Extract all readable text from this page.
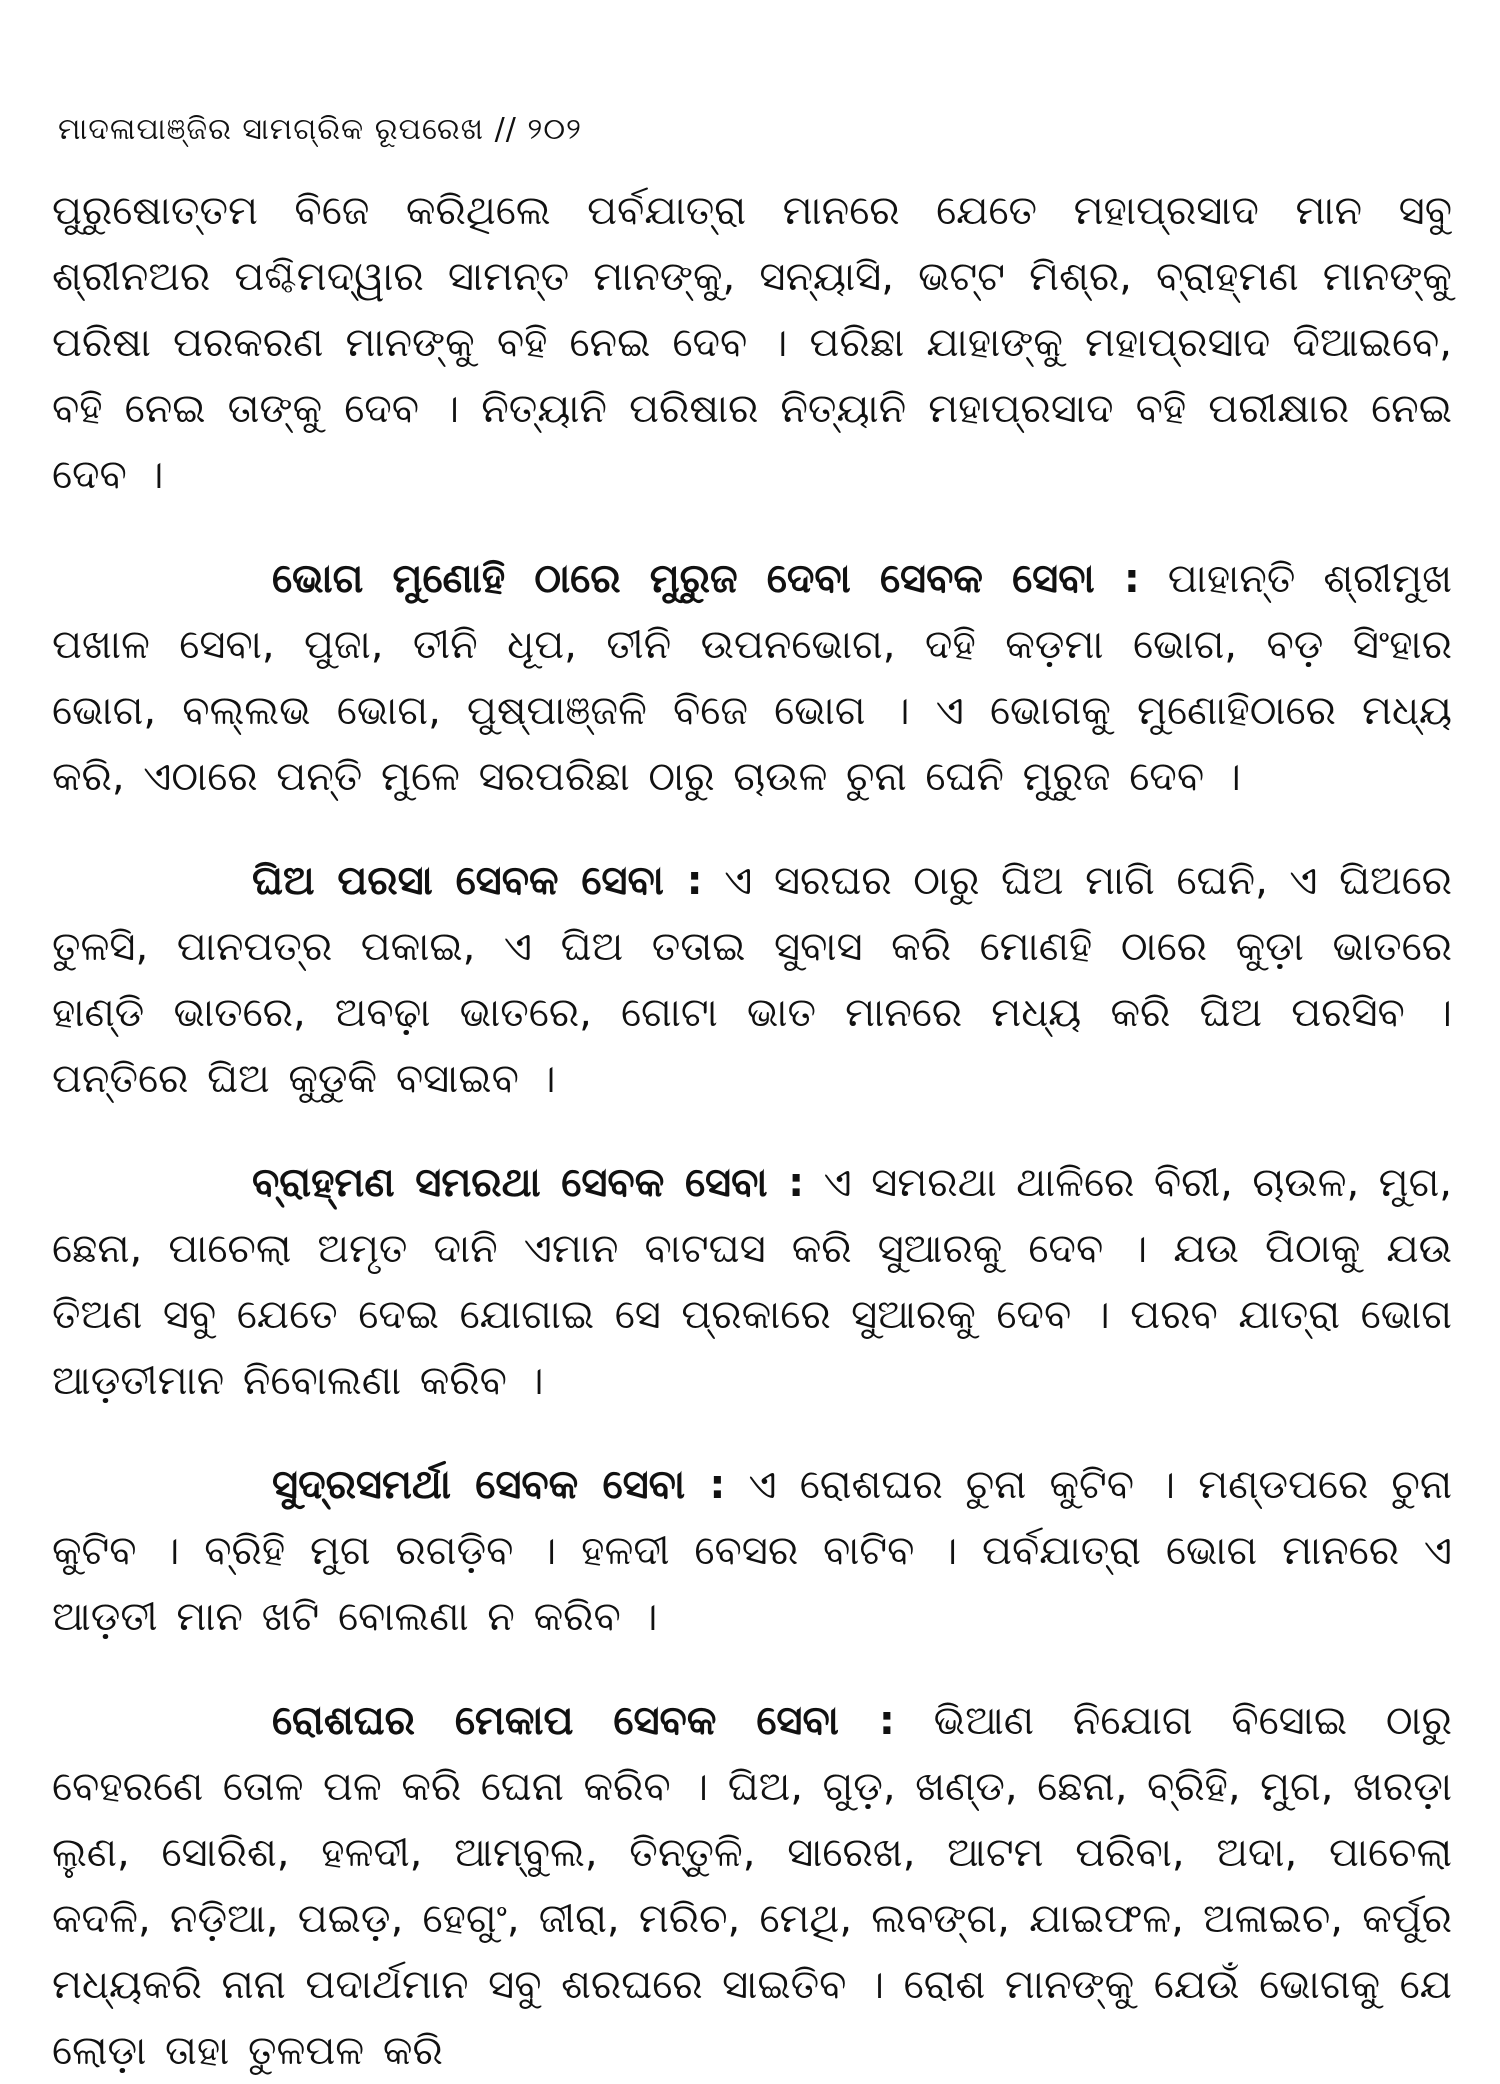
ମାଦଳାପାଞ୍ଜିର ସାମଗ୍ରିକ ରୂପରେଖ // ୨୦୨

ପୁରୁଷୋତ୍ତମ ବିଜେ କରିଥିଲେ ପର୍ବଯାତ୍ରା ମାନରେ ଯେତେ ମହାପ୍ରସାଦ ମାନ ସବୁ ଶ୍ରୀନଅର ପଶ୍ଚିମଦ୍ୱାର ସାମନ୍ତ ମାନଙ୍କୁ, ସନ୍ୟାସି, ଭଟ୍ଟ ମିଶ୍ର, ବ୍ରାହ୍ମଣ ମାନଙ୍କୁ ପରିଷା ପରକରଣ ମାନଙ୍କୁ ବହି ନେଇ ଦେବ । ପରିଛା ଯାହାଙ୍କୁ ମହାପ୍ରସାଦ ଦିଆଇବେ, ବହି ନେଇ ତାଙ୍କୁ ଦେବ । ନିତ୍ୟାନି ପରିଷାର ନିତ୍ୟାନି ମହାପ୍ରସାଦ ବହି ପରୀକ୍ଷାର ନେଇ ଦେବ ।

ଭୋଗ ମୁଣୋହି ଠାରେ ମୁରୁଜ ଦେବା ସେବକ ସେବା : ପାହାନ୍ତି ଶ୍ରୀମୁଖ ପଖାଳ ସେବା, ପୁଜା, ତୀନି ଧୂପ, ତୀନି ଉପନଭୋଗ, ଦହି କଡ଼ମା ଭୋଗ, ବଡ଼ ସିଂହାର ଭୋଗ, ବଲ୍ଲଭ ଭୋଗ, ପୁଷ୍ପାଞ୍ଜଳି ବିଜେ ଭୋଗ । ଏ ଭୋଗକୁ ମୁଣୋହିଠାରେ ମଧ୍ୟ କରି, ଏଠାରେ ପନ୍ତି ମୁଳେ ସରପରିଛା ଠାରୁ ଚାଉଳ ଚୁନା ଘେନି ମୁରୁଜ ଦେବ ।

ଘିଅ ପରସା ସେବକ ସେବା : ଏ ସରଘର ଠାରୁ ଘିଅ ମାଗି ଘେନି, ଏ ଘିଅରେ ତୁଳସି, ପାନପତ୍ର ପକାଇ, ଏ ଘିଅ ତତାଇ ସୁବାସ କରି ମୋଣହି ଠାରେ କୁଡ଼ା ଭାତରେ ହାଣ୍ଡି ଭାତରେ, ଅବଢ଼ା ଭାତରେ, ଗୋଟା ଭାତ ମାନରେ ମଧ୍ୟ କରି ଘିଅ ପରସିବ । ପନ୍ତିରେ ଘିଅ କୁଡୁକି ବସାଇବ ।

ବ୍ରାହ୍ମଣ ସମରଥା ସେବକ ସେବା : ଏ ସମରଥା ଥାଳିରେ ବିରୀ, ଚାଉଳ, ମୁଗ, ଛେନା, ପାଚେଲା ଅମୃତ ଦାନି ଏମାନ ବାଟଘସ କରି ସୁଆରକୁ ଦେବ । ଯଉ ପିଠାକୁ ଯଉ ତିଅଣ ସବୁ ଯେତେ ଦେଇ ଯୋଗାଇ ସେ ପ୍ରକାରେ ସୁଆରକୁ ଦେବ । ପରବ ଯାତ୍ରା ଭୋଗ ଆଡ଼ତୀମାନ ନିବୋଲଣା କରିବ ।

ସୁଦ୍ରସମର୍ଥା ସେବକ ସେବା : ଏ ରୋଶଘର ଚୁନା କୁଟିବ । ମଣ୍ଡପରେ ଚୁନା କୁଟିବ । ବ୍ରିହି ମୁଗ ରଗଡ଼ିବ । ହଳଦୀ ବେସର ବାଟିବ । ପର୍ବଯାତ୍ରା ଭୋଗ ମାନରେ ଏ ଆଡ଼ତୀ ମାନ ଖଟି ବୋଲଣା ନ କରିବ ।

ରୋଶଘର ମେକାପ ସେବକ ସେବା : ଭିଆଣ ନିଯୋଗ ବିସୋଇ ଠାରୁ ବେହରଣେ ତୋଳ ପଳ କରି ଘେନା କରିବ । ଘିଅ, ଗୁଡ଼, ଖଣ୍ଡ, ଛେନା, ବ୍ରିହି, ମୁଗ, ଖରଡ଼ା ଲୁଣ, ସୋରିଶ, ହଳଦୀ, ଆମ୍ବୁଲ, ତିନ୍ତୁଳି, ସାରେଖ, ଆଟମ ପରିବା, ଅଦା, ପାଚେଲା କଦଳି, ନଡ଼ିଆ, ପଇଡ଼, ହେଗୁଂ, ଜୀରା, ମରିଚ, ମେଥି, ଲବଙ୍ଗ, ଯାଇଫଳ, ଅଳାଇଚ, କର୍ପୁର ମଧ୍ୟକରି ନାନା ପଦାର୍ଥମାନ ସବୁ ଶରଘରେ ସାଇତିବ । ରୋଶ ମାନଙ୍କୁ ଯେଉଁ ଭୋଗକୁ ଯେ ଲୋଡ଼ା ତାହା ତୁଳପଳ କରି
